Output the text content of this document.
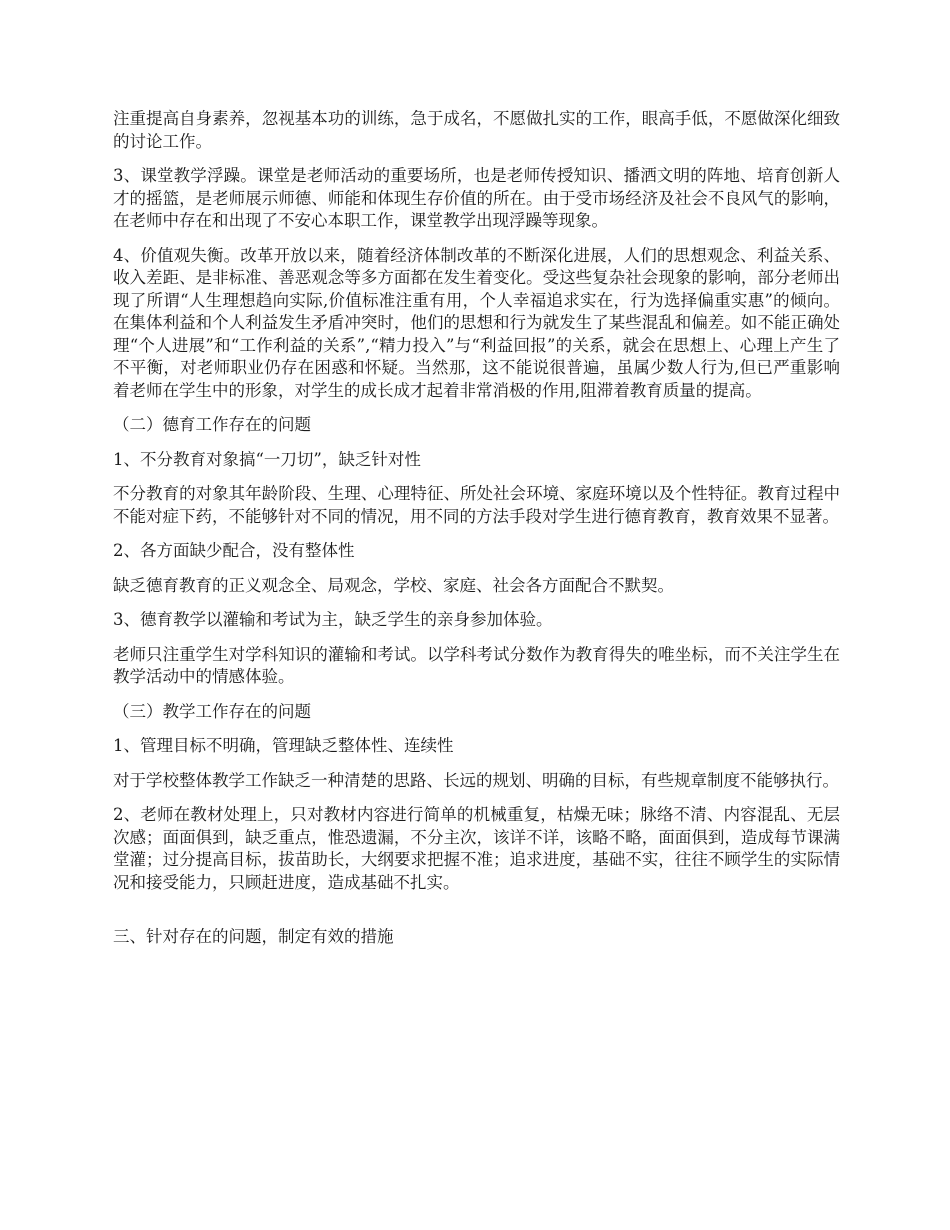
注重提高自身素养，忽视基本功的训练，急于成名，不愿做扎实的工作，眼高手低，不愿做深化细致的讨论工作。

3、课堂教学浮躁。课堂是老师活动的重要场所，也是老师传授知识、播洒文明的阵地、培育创新人才的摇篮，是老师展示师德、师能和体现生存价值的所在。由于受市场经济及社会不良风气的影响，在老师中存在和出现了不安心本职工作，课堂教学出现浮躁等现象。

4、价值观失衡。改革开放以来，随着经济体制改革的不断深化进展，人们的思想观念、利益关系、收入差距、是非标准、善恶观念等多方面都在发生着变化。受这些复杂社会现象的影响，部分老师出现了所谓“人生理想趋向实际,价值标准注重有用，个人幸福追求实在，行为选择偏重实惠”的倾向。在集体利益和个人利益发生矛盾冲突时，他们的思想和行为就发生了某些混乱和偏差。如不能正确处理“个人进展”和“工作利益的关系”,“精力投入”与“利益回报”的关系，就会在思想上、心理上产生了不平衡，对老师职业仍存在困惑和怀疑。当然那，这不能说很普遍，虽属少数人行为,但已严重影响着老师在学生中的形象，对学生的成长成才起着非常消极的作用,阻滞着教育质量的提高。

（二）德育工作存在的问题

1、不分教育对象搞“一刀切”，缺乏针对性

不分教育的对象其年龄阶段、生理、心理特征、所处社会环境、家庭环境以及个性特征。教育过程中不能对症下药，不能够针对不同的情况，用不同的方法手段对学生进行德育教育，教育效果不显著。

2、各方面缺少配合，没有整体性

缺乏德育教育的正义观念全、局观念，学校、家庭、社会各方面配合不默契。

3、德育教学以灌输和考试为主，缺乏学生的亲身参加体验。

老师只注重学生对学科知识的灌输和考试。以学科考试分数作为教育得失的唯坐标，而不关注学生在教学活动中的情感体验。

（三）教学工作存在的问题

1、管理目标不明确，管理缺乏整体性、连续性

对于学校整体教学工作缺乏一种清楚的思路、长远的规划、明确的目标，有些规章制度不能够执行。

2、老师在教材处理上，只对教材内容进行简单的机械重复，枯燥无味；脉络不清、内容混乱、无层次感；面面俱到，缺乏重点，惟恐遗漏，不分主次，该详不详，该略不略，面面俱到，造成每节课满堂灌；过分提高目标，拔苗助长，大纲要求把握不准；追求进度，基础不实，往往不顾学生的实际情况和接受能力，只顾赶进度，造成基础不扎实。

三、针对存在的问题，制定有效的措施
